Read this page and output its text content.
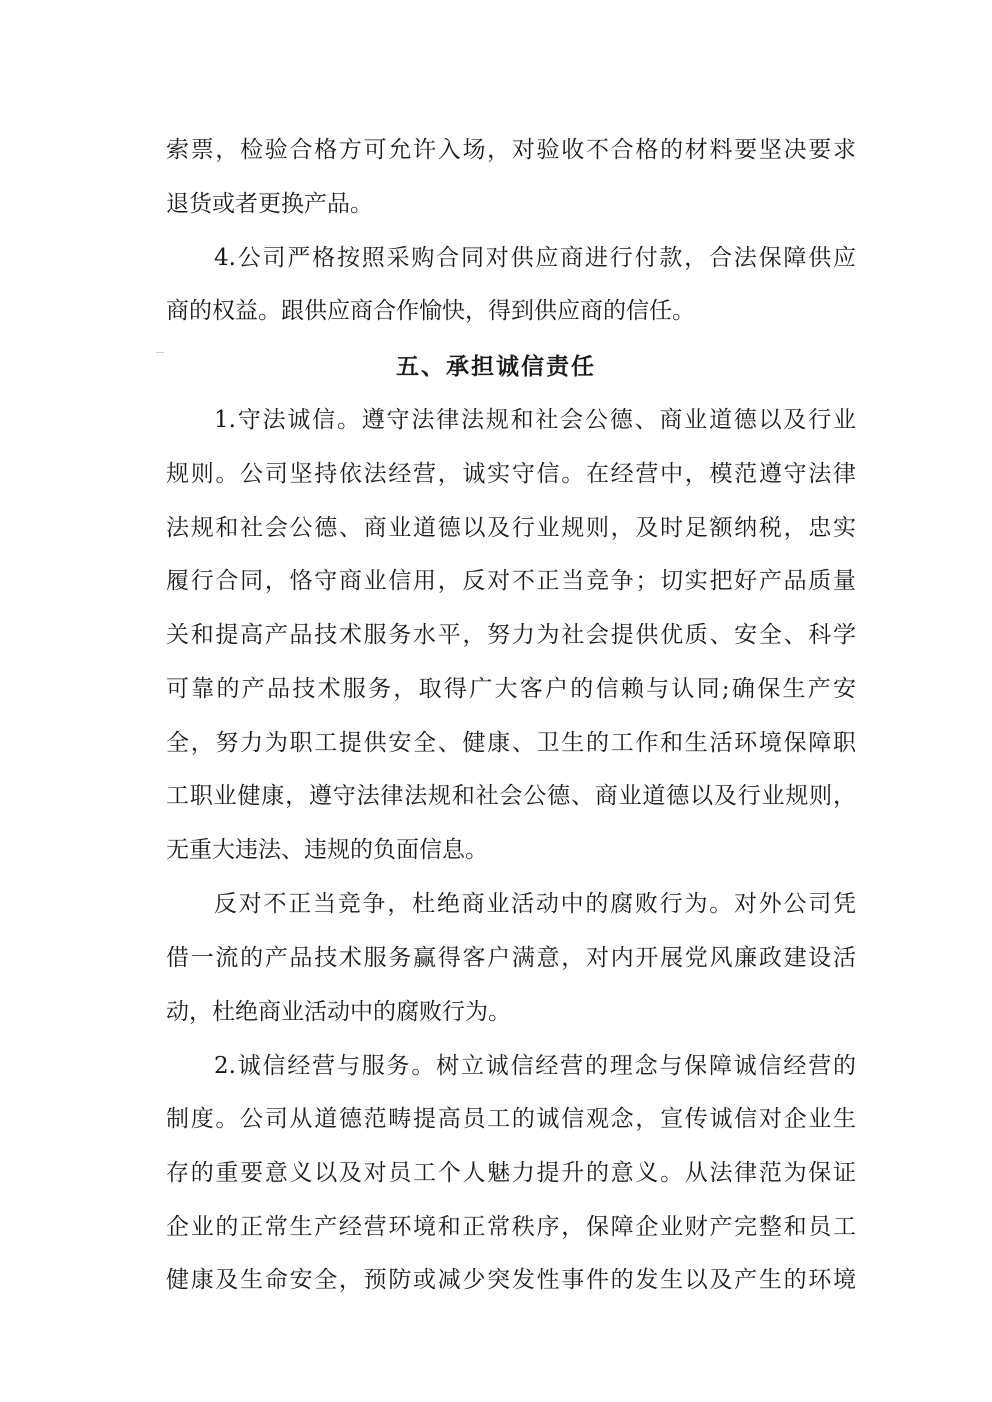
索票，检验合格方可允许入场，对验收不合格的材料要坚决要求
退货或者更换产品。
4.公司严格按照采购合同对供应商进行付款，合法保障供应
商的权益。跟供应商合作愉快，得到供应商的信任。
五、承担诚信责任
1.守法诚信。遵守法律法规和社会公德、商业道德以及行业
规则。公司坚持依法经营，诚实守信。在经营中，模范遵守法律
法规和社会公德、商业道德以及行业规则，及时足额纳税，忠实
履行合同，恪守商业信用，反对不正当竞争；切实把好产品质量
关和提高产品技术服务水平，努力为社会提供优质、安全、科学
可靠的产品技术服务，取得广大客户的信赖与认同;确保生产安
全，努力为职工提供安全、健康、卫生的工作和生活环境保障职
工职业健康，遵守法律法规和社会公德、商业道德以及行业规则，
无重大违法、违规的负面信息。
反对不正当竞争，杜绝商业活动中的腐败行为。对外公司凭
借一流的产品技术服务赢得客户满意，对内开展党风廉政建设活
动，杜绝商业活动中的腐败行为。
2.诚信经营与服务。树立诚信经营的理念与保障诚信经营的
制度。公司从道德范畴提高员工的诚信观念，宣传诚信对企业生
存的重要意义以及对员工个人魅力提升的意义。从法律范为保证
企业的正常生产经营环境和正常秩序，保障企业财产完整和员工
健康及生命安全，预防或减少突发性事件的发生以及产生的环境
